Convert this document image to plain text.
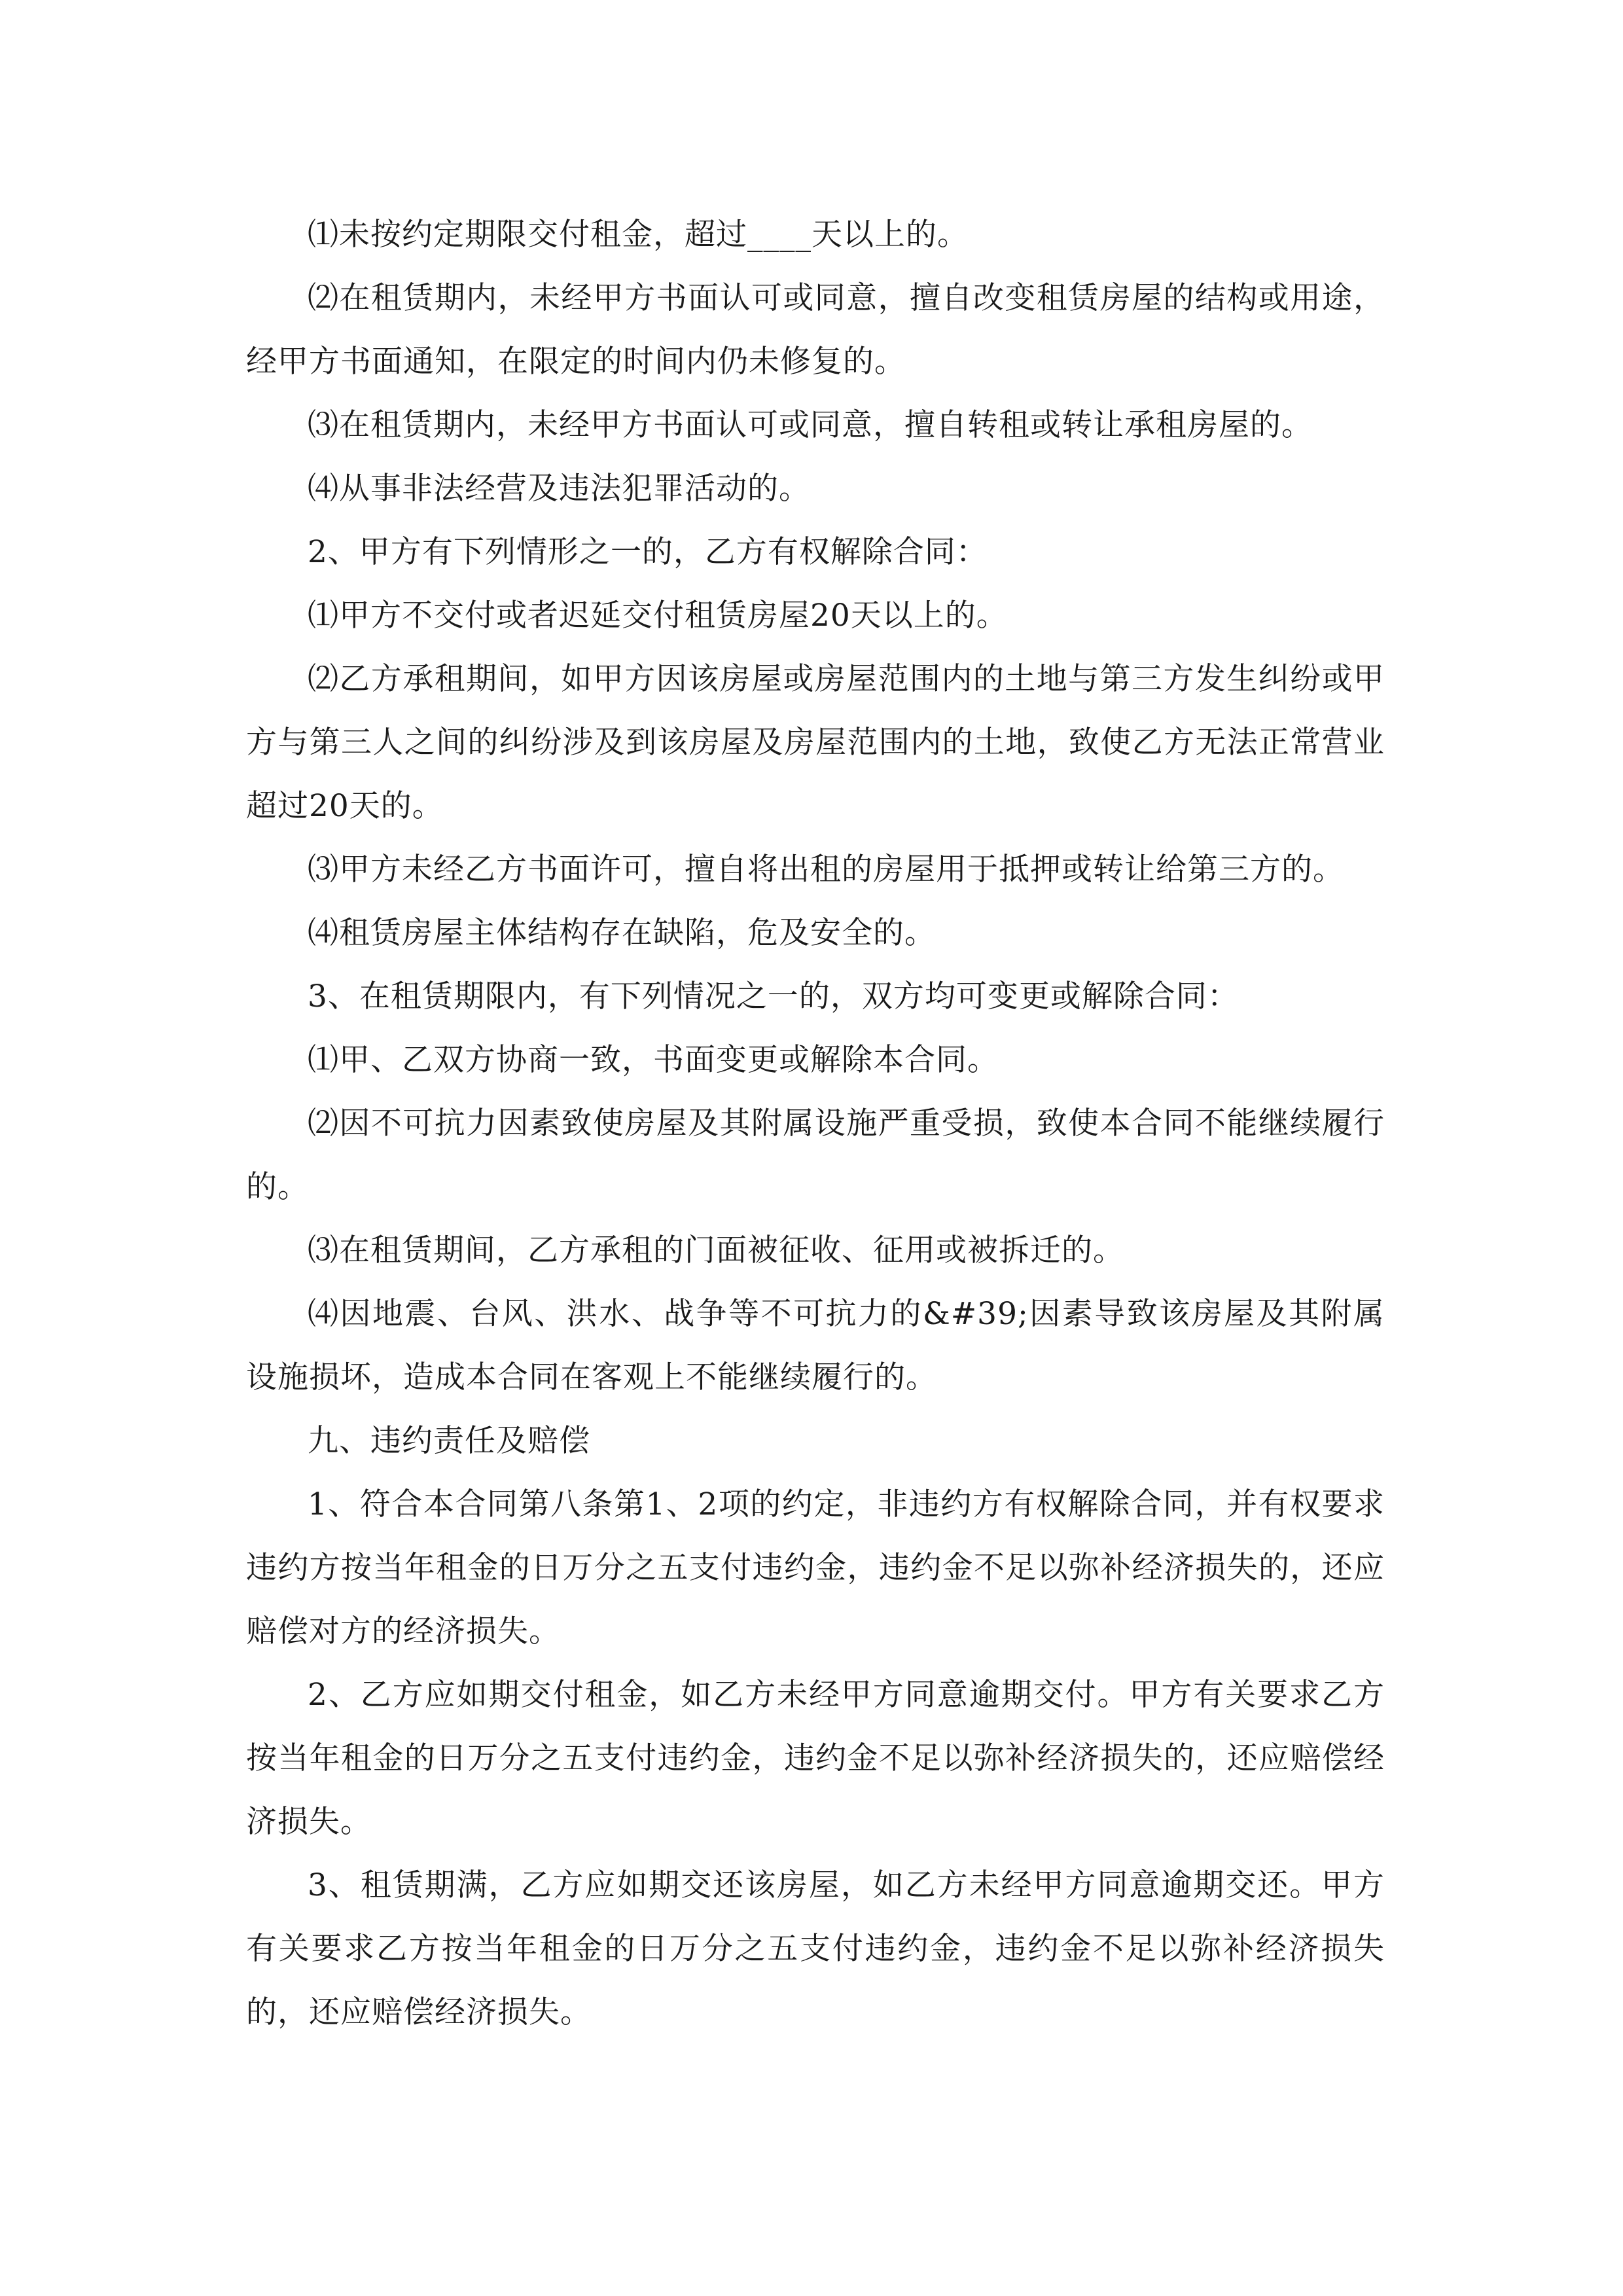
⑴未按约定期限交付租金，超过____天以上的。

⑵在租赁期内，未经甲方书面认可或同意，擅自改变租赁房屋的结构或用途，经甲方书面通知，在限定的时间内仍未修复的。

⑶在租赁期内，未经甲方书面认可或同意，擅自转租或转让承租房屋的。

⑷从事非法经营及违法犯罪活动的。

2、甲方有下列情形之一的，乙方有权解除合同：

⑴甲方不交付或者迟延交付租赁房屋20天以上的。

⑵乙方承租期间，如甲方因该房屋或房屋范围内的土地与第三方发生纠纷或甲方与第三人之间的纠纷涉及到该房屋及房屋范围内的土地，致使乙方无法正常营业超过20天的。

⑶甲方未经乙方书面许可，擅自将出租的房屋用于抵押或转让给第三方的。

⑷租赁房屋主体结构存在缺陷，危及安全的。

3、在租赁期限内，有下列情况之一的，双方均可变更或解除合同：

⑴甲、乙双方协商一致，书面变更或解除本合同。

⑵因不可抗力因素致使房屋及其附属设施严重受损，致使本合同不能继续履行的。

⑶在租赁期间，乙方承租的门面被征收、征用或被拆迁的。

⑷因地震、台风、洪水、战争等不可抗力的&#39;因素导致该房屋及其附属设施损坏，造成本合同在客观上不能继续履行的。

九、违约责任及赔偿

1、符合本合同第八条第1、2项的约定，非违约方有权解除合同，并有权要求违约方按当年租金的日万分之五支付违约金，违约金不足以弥补经济损失的，还应赔偿对方的经济损失。

2、乙方应如期交付租金，如乙方未经甲方同意逾期交付。甲方有关要求乙方按当年租金的日万分之五支付违约金，违约金不足以弥补经济损失的，还应赔偿经济损失。

3、租赁期满，乙方应如期交还该房屋，如乙方未经甲方同意逾期交还。甲方有关要求乙方按当年租金的日万分之五支付违约金，违约金不足以弥补经济损失的，还应赔偿经济损失。
